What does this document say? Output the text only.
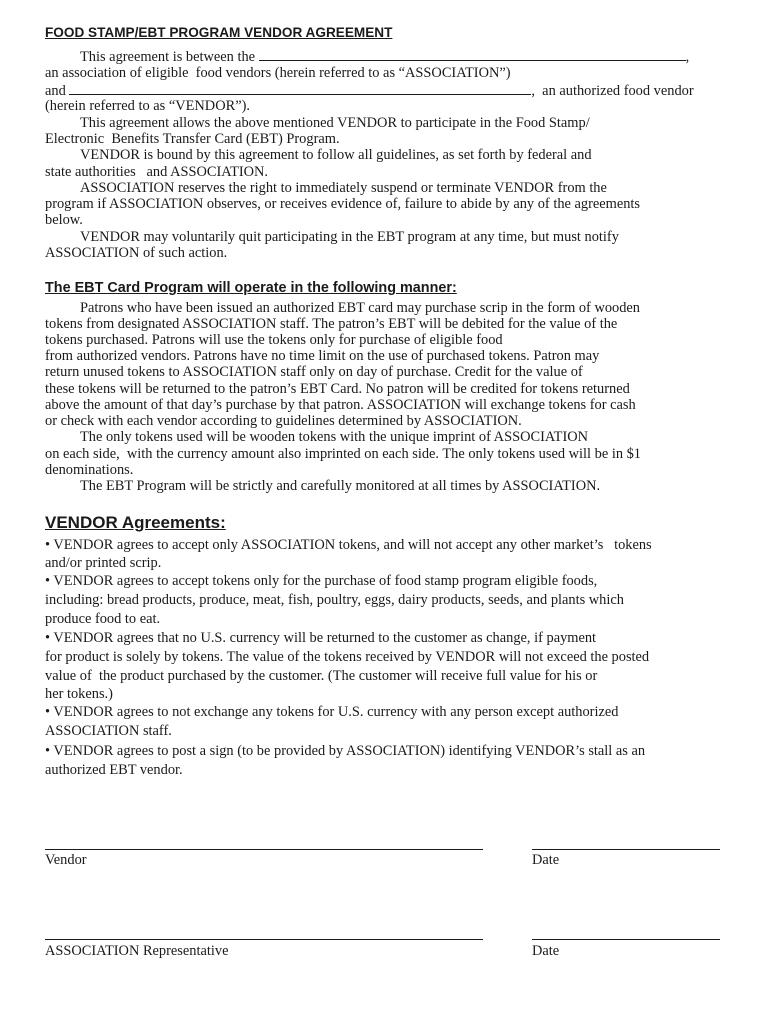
FOOD STAMP/EBT PROGRAM VENDOR AGREEMENT
This agreement is between the	,
an association of eligible  food vendors (herein referred to as “ASSOCIATION”)
and	,  an authorized food vendor
(herein referred to as “VENDOR”).
This agreement allows the above mentioned VENDOR to participate in the Food Stamp/
Electronic  Benefits Transfer Card (EBT) Program.
VENDOR is bound by this agreement to follow all guidelines, as set forth by federal and
state authorities   and ASSOCIATION.
ASSOCIATION reserves the right to immediately suspend or terminate VENDOR from the
program if ASSOCIATION observes, or receives evidence of, failure to abide by any of the agreements
below.
VENDOR may voluntarily quit participating in the EBT program at any time, but must notify
ASSOCIATION of such action.
The EBT Card Program will operate in the following manner:
Patrons who have been issued an authorized EBT card may purchase scrip in the form of wooden
tokens from designated ASSOCIATION staff. The patron’s EBT will be debited for the value of the
tokens purchased. Patrons will use the tokens only for purchase of eligible food
from authorized vendors. Patrons have no time limit on the use of purchased tokens. Patron may
return unused tokens to ASSOCIATION staff only on day of purchase. Credit for the value of
these tokens will be returned to the patron’s EBT Card. No patron will be credited for tokens returned
above the amount of that day’s purchase by that patron. ASSOCIATION will exchange tokens for cash
or check with each vendor according to guidelines determined by ASSOCIATION.
The only tokens used will be wooden tokens with the unique imprint of ASSOCIATION
on each side,  with the currency amount also imprinted on each side. The only tokens used will be in $1
denominations.
The EBT Program will be strictly and carefully monitored at all times by ASSOCIATION.
VENDOR Agreements:
• VENDOR agrees to accept only ASSOCIATION tokens, and will not accept any other market’s   tokens
and/or printed scrip.
• VENDOR agrees to accept tokens only for the purchase of food stamp program eligible foods,
including: bread products, produce, meat, fish, poultry, eggs, dairy products, seeds, and plants which
produce food to eat.
• VENDOR agrees that no U.S. currency will be returned to the customer as change, if payment
for product is solely by tokens. The value of the tokens received by VENDOR will not exceed the posted
value of  the product purchased by the customer. (The customer will receive full value for his or
her tokens.)
• VENDOR agrees to not exchange any tokens for U.S. currency with any person except authorized
ASSOCIATION staff.
• VENDOR agrees to post a sign (to be provided by ASSOCIATION) identifying VENDOR’s stall as an
authorized EBT vendor.
Vendor	Date
ASSOCIATION Representative	Date
